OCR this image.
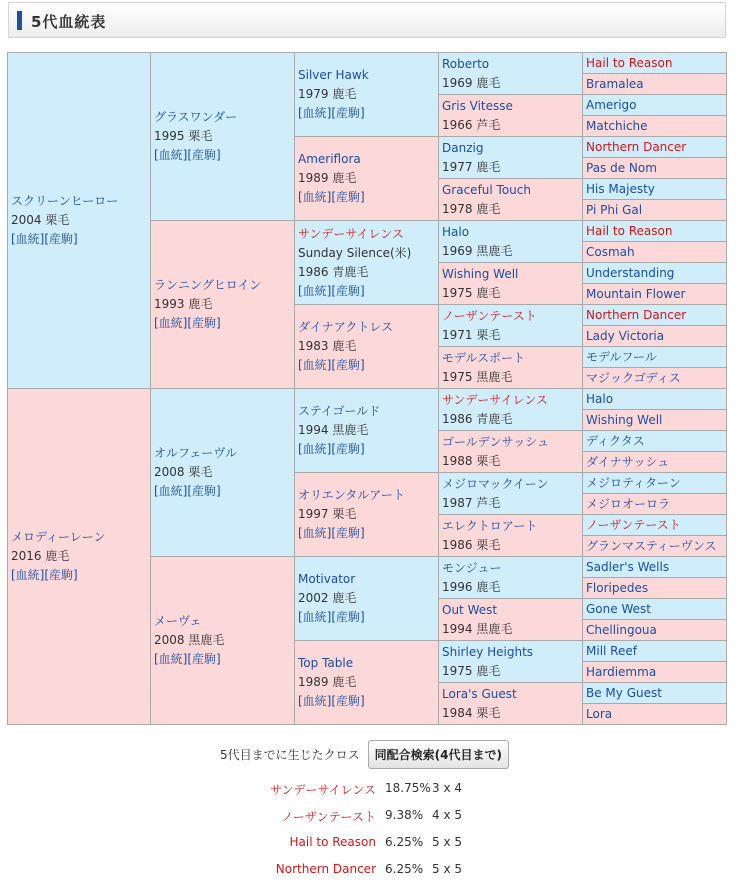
5代血統表
スクリーンヒーロー
2004 栗毛
[血統][産駒]
グラスワンダー
1995 栗毛
[血統][産駒]
Silver Hawk
1979 鹿毛
[血統][産駒]
Roberto
1969 鹿毛
Hail to Reason
Bramalea
Gris Vitesse
1966 芦毛
Amerigo
Matchiche
Ameriflora
1989 鹿毛
[血統][産駒]
Danzig
1977 鹿毛
Northern Dancer
Pas de Nom
Graceful Touch
1978 鹿毛
His Majesty
Pi Phi Gal
ランニングヒロイン
1993 鹿毛
[血統][産駒]
サンデーサイレンス
Sunday Silence(米)
1986 青鹿毛
[血統][産駒]
Halo
1969 黒鹿毛
Hail to Reason
Cosmah
Wishing Well
1975 鹿毛
Understanding
Mountain Flower
ダイナアクトレス
1983 鹿毛
[血統][産駒]
ノーザンテースト
1971 栗毛
Northern Dancer
Lady Victoria
モデルスポート
1975 黒鹿毛
モデルフール
マジックゴディス
メロディーレーン
2016 鹿毛
[血統][産駒]
オルフェーヴル
2008 栗毛
[血統][産駒]
ステイゴールド
1994 黒鹿毛
[血統][産駒]
サンデーサイレンス
1986 青鹿毛
Halo
Wishing Well
ゴールデンサッシュ
1988 栗毛
ディクタス
ダイナサッシュ
オリエンタルアート
1997 栗毛
[血統][産駒]
メジロマックイーン
1987 芦毛
メジロティターン
メジロオーロラ
エレクトロアート
1986 栗毛
ノーザンテースト
グランマスティーヴンス
メーヴェ
2008 黒鹿毛
[血統][産駒]
Motivator
2002 鹿毛
[血統][産駒]
モンジュー
1996 鹿毛
Sadler's Wells
Floripedes
Out West
1994 黒鹿毛
Gone West
Chellingoua
Top Table
1989 鹿毛
[血統][産駒]
Shirley Heights
1975 鹿毛
Mill Reef
Hardiemma
Lora's Guest
1984 栗毛
Be My Guest
Lora
5代目までに生じたクロス	同配合検索(4代目まで)
サンデーサイレンス 18.75% 3 x 4
ノーザンテースト 9.38% 4 x 5
Hail to Reason 6.25% 5 x 5
Northern Dancer 6.25% 5 x 5
